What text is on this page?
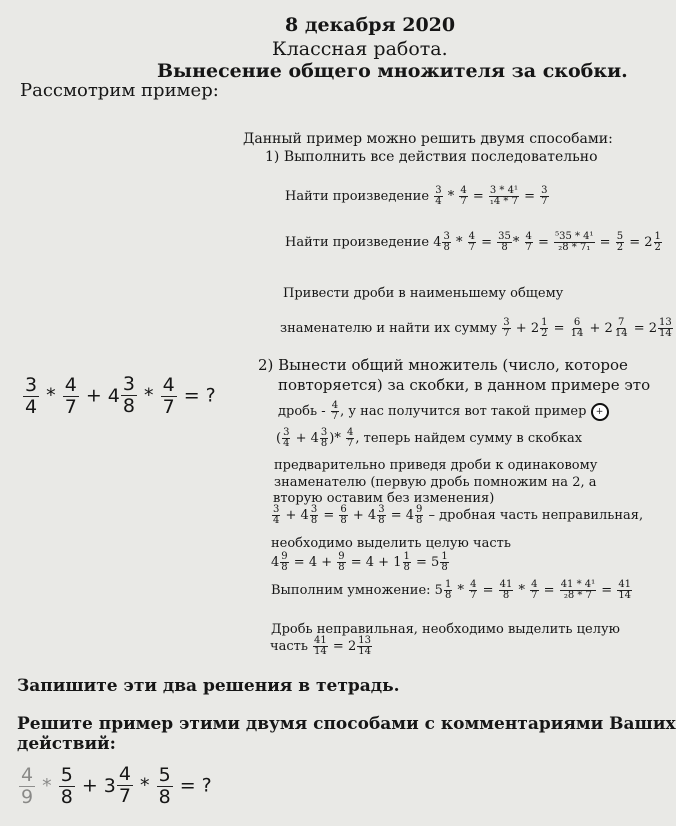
8 декабря 2020
Классная работа.
Вынесение общего множителя за скобки.
Рассмотрим пример:
Данный пример можно решить двумя способами:
1) Выполнить все действия последовательно
Найти произведение $\frac{3}{4} * \frac{4}{7} = \frac{\text{3 * 4¹}}{\text{₁4 * 7}} = \frac{3}{7}$
Найти произведение $4 \frac{3}{8} * \frac{4}{7} = \frac{35}{8} * \frac{4}{7} = \frac{\text{⁵35 * 4¹}}{\text{₂8 * 7₁}} = \frac{5}{2} = 2 \frac{1}{2}$
Привести дроби в наименьшему общему
знаменателю и найти их сумму $\frac{3}{7} + 2 \frac{1}{2} = \frac{6}{14} + 2 \frac{7}{14} = 2 \frac{13}{14}$
$\frac{3}{4} * \frac{4}{7} + 4 \frac{3}{8} * \frac{4}{7}$ = ?
2) Вынести общий множитель (число, которое
повторяется) за скобки, в данном примере это
дробь - $\frac{4}{7}$ , у нас получится вот такой пример +
( $\frac{3}{4} + 4 \frac{3}{8}$ )* $\frac{4}{7}$ , теперь найдем сумму в скобках
предварительно приведя дроби к одинаковому
знаменателю (первую дробь помножим на 2, а
вторую оставим без изменения)
$\frac{3}{4} + 4 \frac{3}{8} = \frac{6}{8} + 4 \frac{3}{8} = 4 \frac{9}{8}$ – дробная часть неправильная,
необходимо выделить целую часть
$4 \frac{9}{8} = 4 + \frac{9}{8} = 4 + 1 \frac{1}{8} = 5 \frac{1}{8}$
Выполним умножение: $5 \frac{1}{8} * \frac{4}{7} = \frac{41}{8} * \frac{4}{7} = \frac{\text{41 * 4¹}}{\text{₂8 * 7}} = \frac{41}{14}$
Дробь неправильная, необходимо выделить целую
часть $\frac{41}{14} = 2 \frac{13}{14}$
Запишите эти два решения в тетрадь.
Решите пример этими двумя способами с комментариями Ваших
действий:
$\frac{4}{9} * \frac{5}{8} + 3 \frac{4}{7} * \frac{5}{8}$ = ?
